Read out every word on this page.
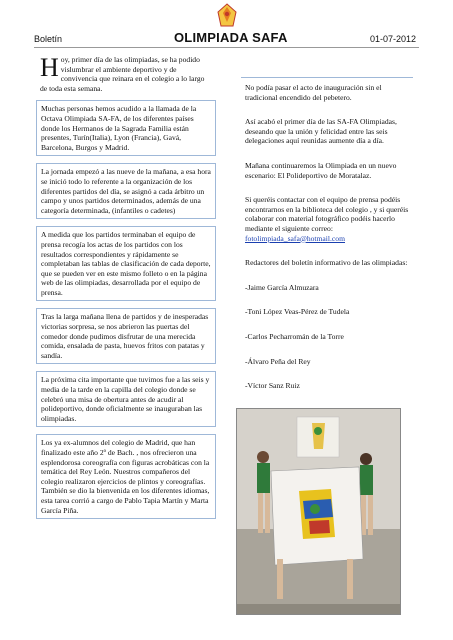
Boletín	OLIMPIADA SAFA	01-07-2012

Hoy, primer día de las olimpiadas, se ha podido vislumbrar el ambiente deportivo y de convivencia que reinara en el colegio a lo largo de toda esta semana.

Muchas personas hemos acudido a la llamada de la Octava Olimpiada SA-FA, de los diferentes países donde los Hermanos de la Sagrada Familia están presentes, Turín(Italia), Lyon (Francia), Gavá, Barcelona, Burgos y Madrid.

La jornada empezó a las nueve de la mañana, a esa hora se inició todo lo referente a la organización de los diferentes partidos del día, se asignó a cada árbitro un campo y unos partidos determinados, además de una categoría determinada, (infantiles o cadetes)

A medida que los partidos terminaban el equipo de prensa recogía los actas de los partidos con los resultados correspondientes y rápidamente se completaban las tablas de clasificación de cada deporte, que se pueden ver en este mismo folleto o en la página web de las olimpiadas, desarrollada por el equipo de prensa.

Tras la larga mañana llena de partidos y de inesperadas victorias sorpresa, se nos abrieron las puertas del comedor donde pudimos disfrutar de una merecida comida, ensalada de pasta, huevos fritos con patatas y sandía.

La próxima cita importante que tuvimos fue a las seis y media de la tarde en la capilla del colegio donde se celebró una misa de obertura antes de acudir al polideportivo, donde oficialmente se inauguraban las olimpiadas.

Los ya ex-alumnos del colegio de Madrid, que han finalizado este año 2º de Bach. , nos ofrecieron una esplendorosa coreografía con figuras acrobáticas con la temática del Rey León. Nuestros compañeros del colegio realizaron ejercicios de plintos y coreografías. También se dio la bienvenida en los diferentes idiomas, esta tarea corrió a cargo de Pablo Tapia Martín y Marta García Piña.

No podía pasar el acto de inauguración sin el tradicional encendido del pebetero.

Así acabó el primer día de las SA-FA Olimpiadas, deseando que la unión y felicidad entre las seis delegaciones aquí reunidas aumente día a día.

Mañana continuaremos la Olimpiada en un nuevo escenario: El Polideportivo de Moratalaz.

Si queréis contactar con el equipo de prensa podéis encontrarnos en la biblioteca del colegio , y si queréis colaborar con material fotográfico podéis hacerlo mediante el siguiente correo: fotolimpiada_safa@hotmail.com

Redactores del boletín informativo de las olimpiadas:

-Jaime García Almuzara

-Toni López Veas-Pérez de Tudela

-Carlos Pecharromán de la Torre

-Álvaro Peña del Rey

-Víctor Sanz Ruiz
